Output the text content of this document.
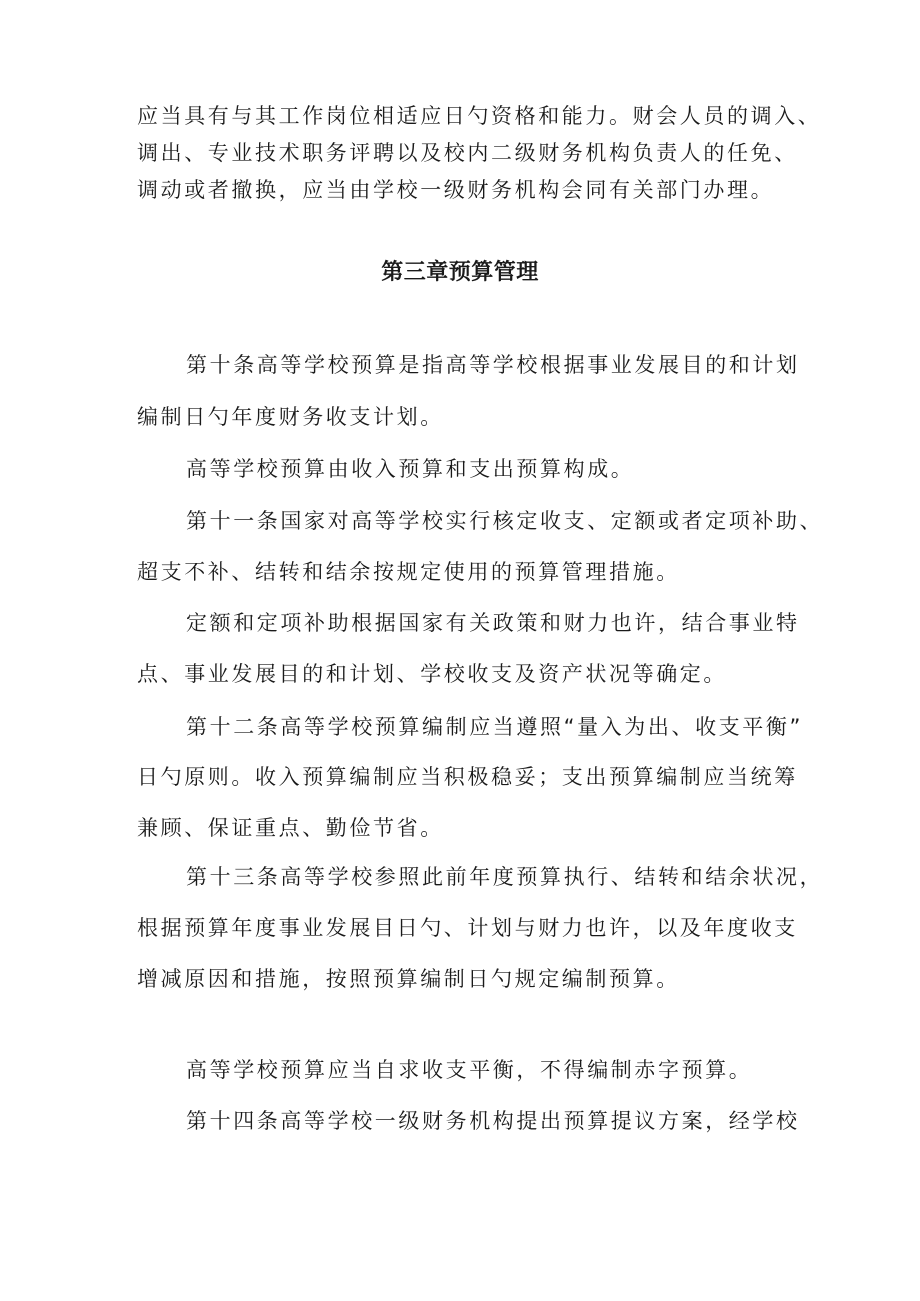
应当具有与其工作岗位相适应日勺资格和能力。财会人员的调入、

调出、专业技术职务评聘以及校内二级财务机构负责人的任免、

调动或者撤换，应当由学校一级财务机构会同有关部门办理。

第三章预算管理

第十条高等学校预算是指高等学校根据事业发展目的和计划

编制日勺年度财务收支计划。

高等学校预算由收入预算和支出预算构成。

第十一条国家对高等学校实行核定收支、定额或者定项补助、

超支不补、结转和结余按规定使用的预算管理措施。

定额和定项补助根据国家有关政策和财力也许，结合事业特

点、事业发展目的和计划、学校收支及资产状况等确定。

第十二条高等学校预算编制应当遵照“量入为出、收支平衡”

日勺原则。收入预算编制应当积极稳妥；支出预算编制应当统筹

兼顾、保证重点、勤俭节省。

第十三条高等学校参照此前年度预算执行、结转和结余状况，

根据预算年度事业发展目日勺、计划与财力也许，以及年度收支

增减原因和措施，按照预算编制日勺规定编制预算。

高等学校预算应当自求收支平衡，不得编制赤字预算。

第十四条高等学校一级财务机构提出预算提议方案，经学校
